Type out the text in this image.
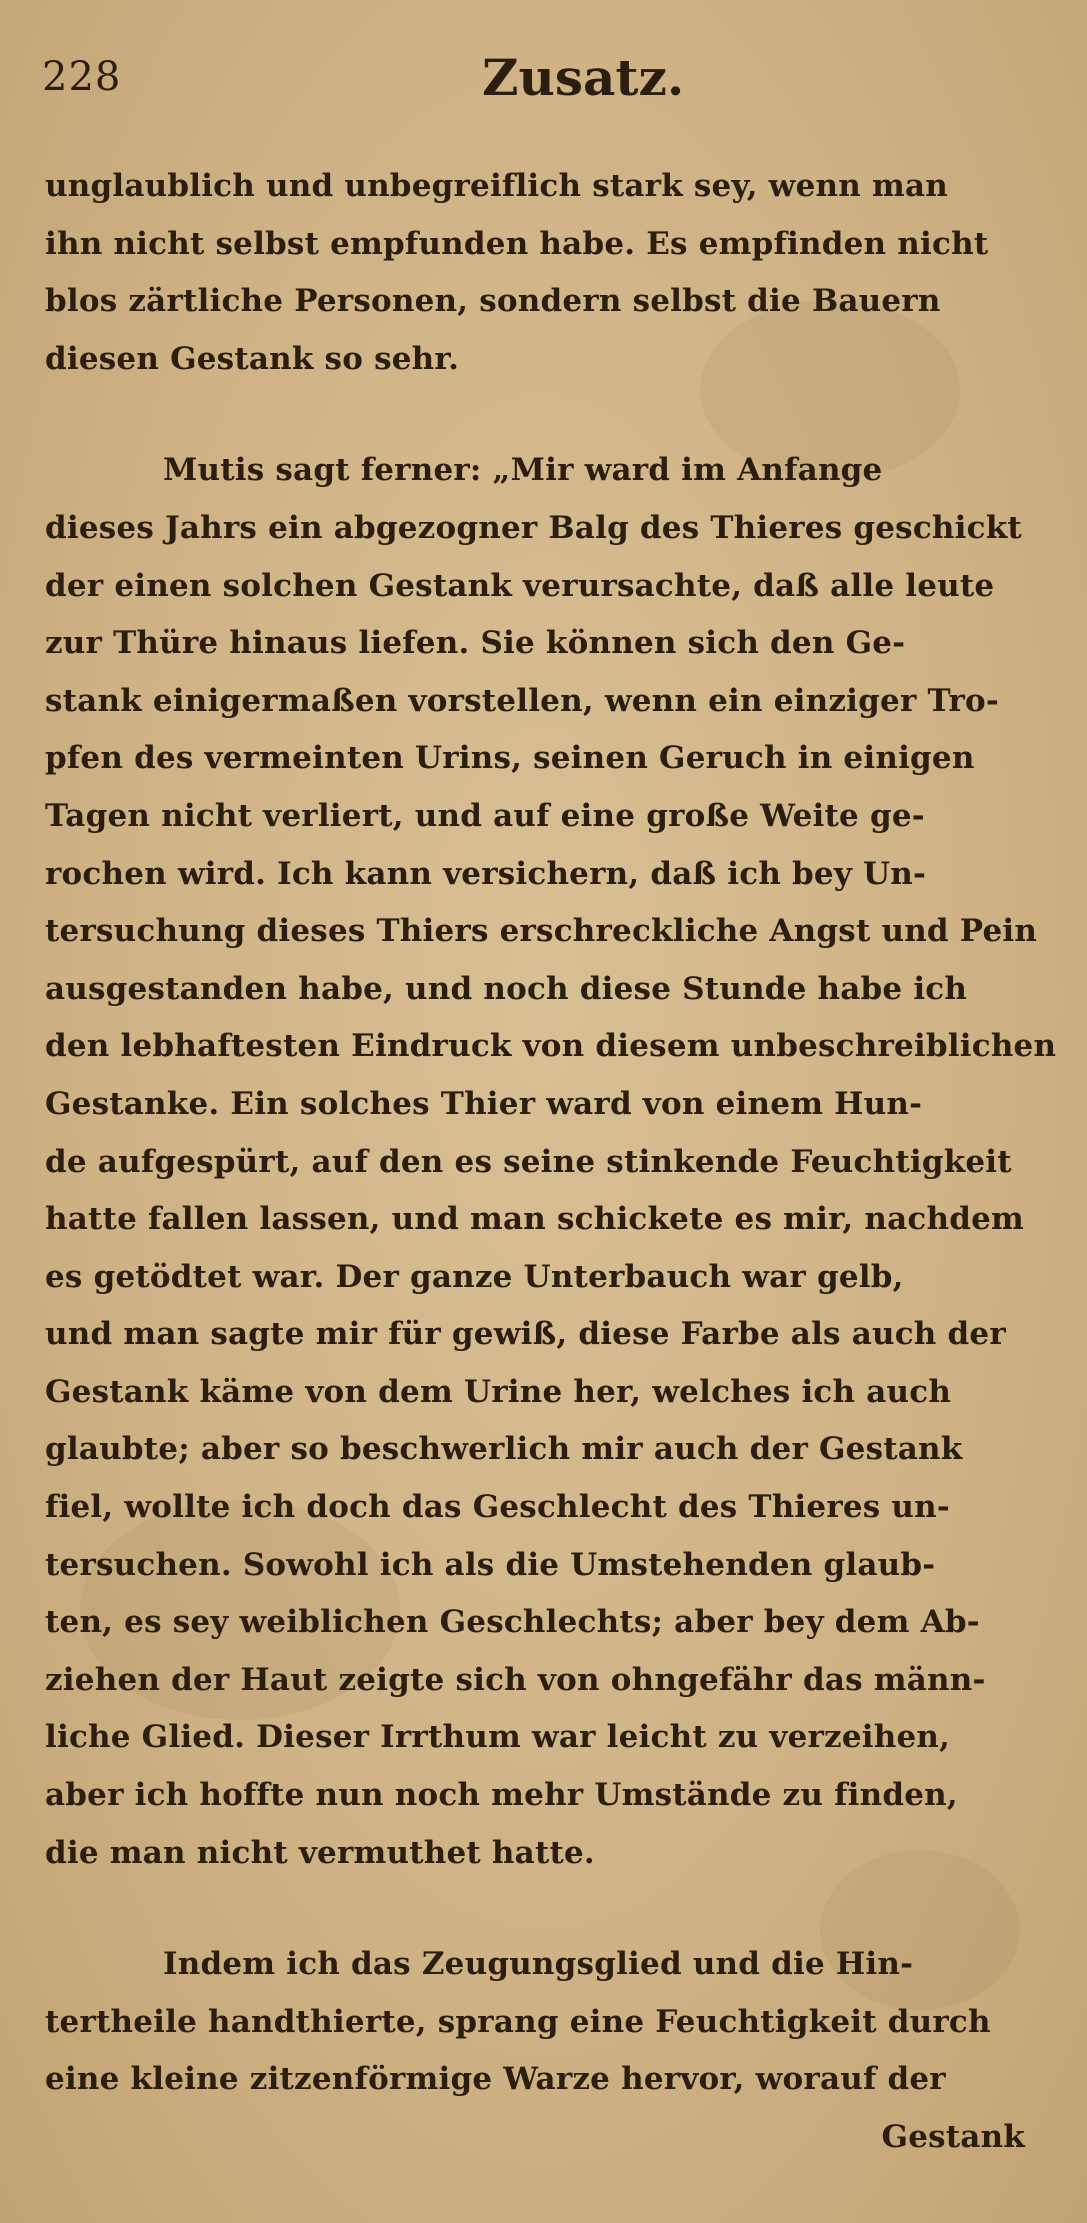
228	Zusatz.
unglaublich und unbegreiflich stark sey, wenn man
ihn nicht selbst empfunden habe. Es empfinden nicht
blos zärtliche Personen, sondern selbst die Bauern
diesen Gestank so sehr.
Mutis sagt ferner: „Mir ward im Anfange
dieses Jahrs ein abgezogner Balg des Thieres geschickt
der einen solchen Gestank verursachte, daß alle leute
zur Thüre hinaus liefen. Sie können sich den Ge-
stank einigermaßen vorstellen, wenn ein einziger Tro-
pfen des vermeinten Urins, seinen Geruch in einigen
Tagen nicht verliert, und auf eine große Weite ge-
rochen wird. Ich kann versichern, daß ich bey Un-
tersuchung dieses Thiers erschreckliche Angst und Pein
ausgestanden habe, und noch diese Stunde habe ich
den lebhaftesten Eindruck von diesem unbeschreiblichen
Gestanke. Ein solches Thier ward von einem Hun-
de aufgespürt, auf den es seine stinkende Feuchtigkeit
hatte fallen lassen, und man schickete es mir, nachdem
es getödtet war. Der ganze Unterbauch war gelb,
und man sagte mir für gewiß, diese Farbe als auch der
Gestank käme von dem Urine her, welches ich auch
glaubte; aber so beschwerlich mir auch der Gestank
fiel, wollte ich doch das Geschlecht des Thieres un-
tersuchen. Sowohl ich als die Umstehenden glaub-
ten, es sey weiblichen Geschlechts; aber bey dem Ab-
ziehen der Haut zeigte sich von ohngefähr das männ-
liche Glied. Dieser Irrthum war leicht zu verzeihen,
aber ich hoffte nun noch mehr Umstände zu finden,
die man nicht vermuthet hatte.
Indem ich das Zeugungsglied und die Hin-
tertheile handthierte, sprang eine Feuchtigkeit durch
eine kleine zitzenförmige Warze hervor, worauf der
Gestank
